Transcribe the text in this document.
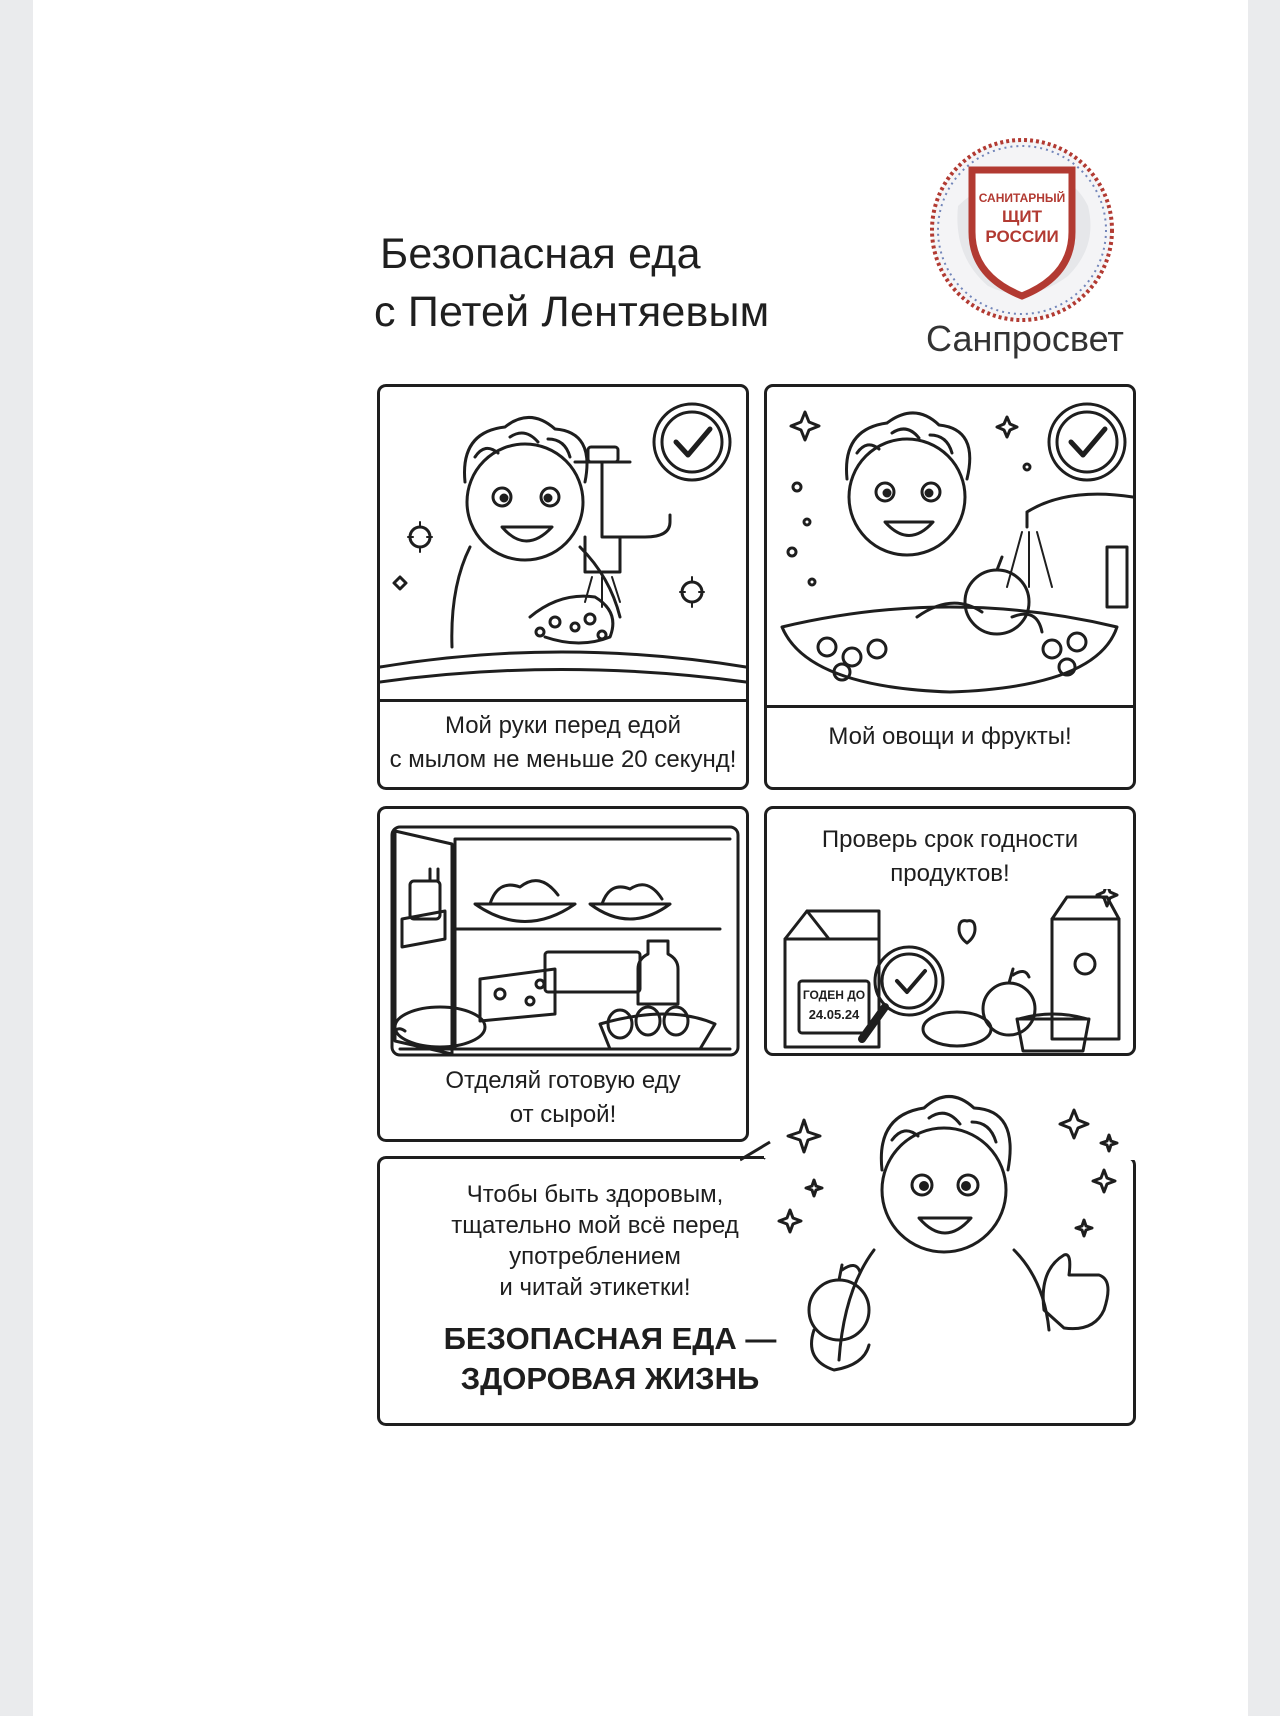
Безопасная еда
с Петей Лентяевым
САНИТАРНЫЙ
ЩИТ
РОССИИ
Санпросвет
Мой руки перед едой
с мылом не меньше 20 секунд!
Мой овощи и фрукты!
Отделяй готовую еду
от сырой!
Проверь срок годности
продуктов!
ГОДЕН ДО
24.05.24
Чтобы быть здоровым,
тщательно мой всё перед
употреблением
и читай этикетки!
БЕЗОПАСНАЯ ЕДА —
ЗДОРОВАЯ ЖИЗНЬ
